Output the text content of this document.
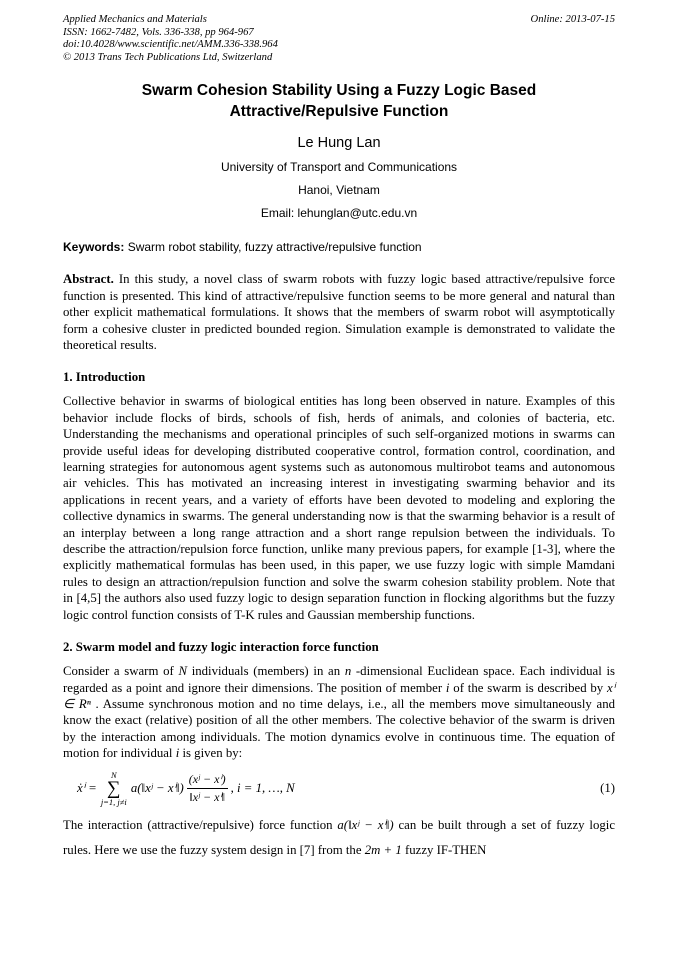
Applied Mechanics and Materials
ISSN: 1662-7482, Vols. 336-338, pp 964-967
doi:10.4028/www.scientific.net/AMM.336-338.964
© 2013 Trans Tech Publications Ltd, Switzerland
Online: 2013-07-15
Swarm Cohesion Stability Using a Fuzzy Logic Based Attractive/Repulsive Function
Le Hung Lan
University of Transport and Communications
Hanoi, Vietnam
Email: lehunglan@utc.edu.vn
Keywords: Swarm robot stability, fuzzy attractive/repulsive function
Abstract. In this study, a novel class of swarm robots with fuzzy logic based attractive/repulsive force function is presented. This kind of attractive/repulsive function seems to be more general and natural than other explicit mathematical formulations. It shows that the members of swarm robot will asymptotically form a cohesive cluster in predicted bounded region. Simulation example is demonstrated to validate the theoretical results.
1. Introduction
Collective behavior in swarms of biological entities has long been observed in nature. Examples of this behavior include flocks of birds, schools of fish, herds of animals, and colonies of bacteria, etc. Understanding the mechanisms and operational principles of such self-organized motions in swarms can provide useful ideas for developing distributed cooperative control, formation control, coordination, and learning strategies for autonomous agent systems such as autonomous multirobot teams and autonomous air vehicles. This has motivated an increasing interest in investigating swarming behavior and its applications in recent years, and a variety of efforts have been devoted to modeling and exploring the collective dynamics in swarms. The general understanding now is that the swarming behavior is a result of an interplay between a long range attraction and a short range repulsion between the individuals. To describe the attraction/repulsion force function, unlike many previous papers, for example [1-3], where the explicitly mathematical formulas has been used, in this paper, we use fuzzy logic with simple Mamdani rules to design an attraction/repulsion function and solve the swarm cohesion stability problem. Note that in [4,5] the authors also used fuzzy logic to design separation function in flocking algorithms but the fuzzy logic control function consists of T-K rules and Gaussian membership functions.
2. Swarm model and fuzzy logic interaction force function
Consider a swarm of N individuals (members) in an n -dimensional Euclidean space. Each individual is regarded as a point and ignore their dimensions. The position of member i of the swarm is described by xⁱ ∈ Rⁿ . Assume synchronous motion and no time delays, i.e., all the members move simultaneously and know the exact (relative) position of all the other members. The colective behavior of the swarm is driven by the interaction among individuals. The motion dynamics evolve in continuous time. The equation of motion for individual i is given by:
ẋⁱ =
N
∑
j=1, j≠i
a(‖xʲ − xⁱ‖) $\frac{\text{(xʲ − xⁱ)}}{\text{‖xʲ − xⁱ‖}}$ , i = 1, …, N	(1)
The interaction (attractive/repulsive) force function a(‖xʲ − xⁱ‖) can be built through a set of fuzzy logic rules. Here we use the fuzzy system design in [7] from the 2m + 1 fuzzy IF-THEN
